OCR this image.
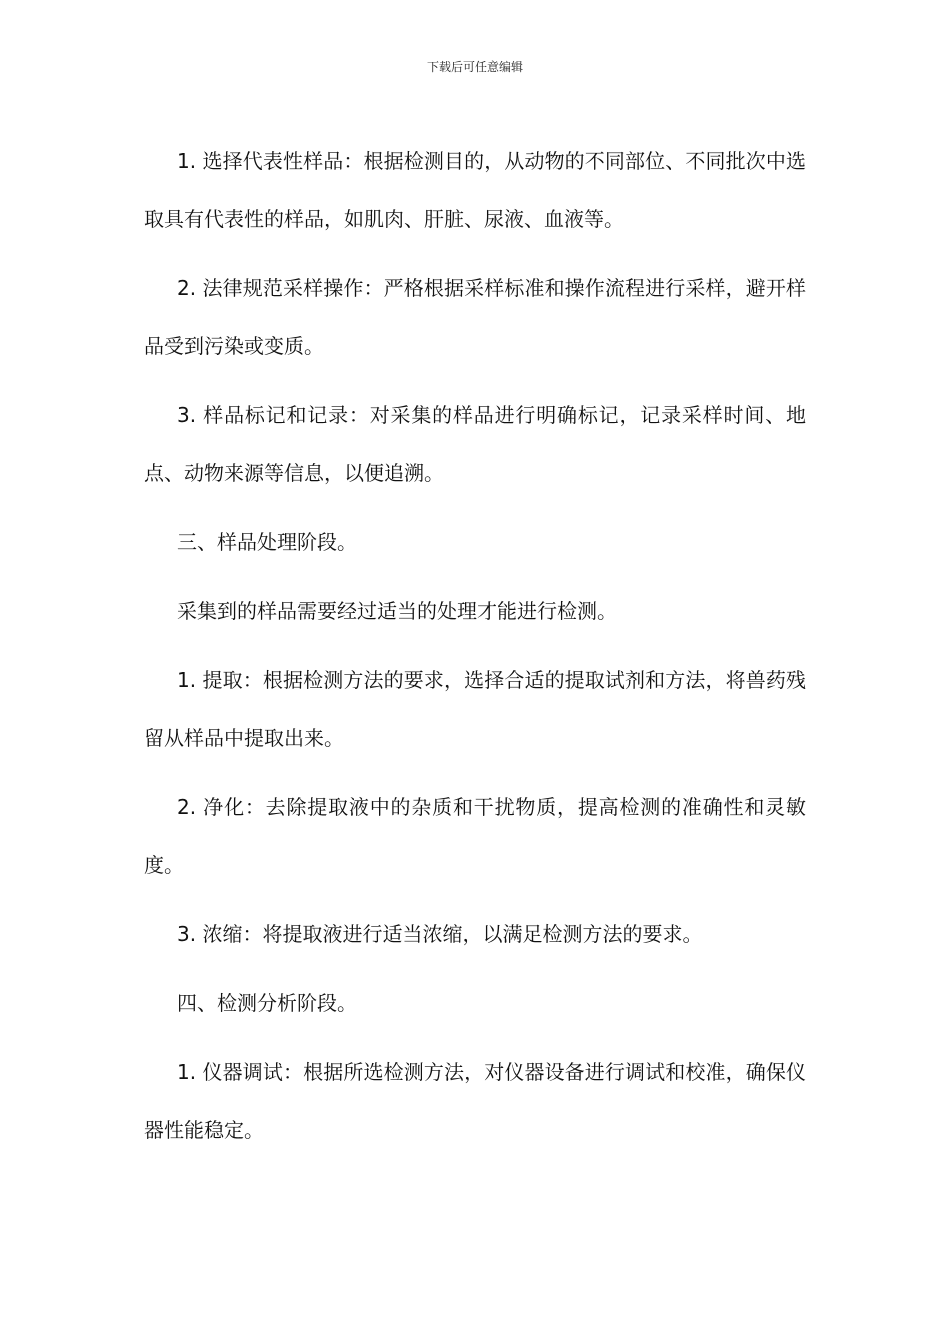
下载后可任意编辑

1. 选择代表性样品：根据检测目的，从动物的不同部位、不同批次中选取具有代表性的样品，如肌肉、肝脏、尿液、血液等。

2. 法律规范采样操作：严格根据采样标准和操作流程进行采样，避开样品受到污染或变质。

3. 样品标记和记录：对采集的样品进行明确标记，记录采样时间、地点、动物来源等信息，以便追溯。

三、样品处理阶段。

采集到的样品需要经过适当的处理才能进行检测。

1. 提取：根据检测方法的要求，选择合适的提取试剂和方法，将兽药残留从样品中提取出来。

2. 净化：去除提取液中的杂质和干扰物质，提高检测的准确性和灵敏度。

3. 浓缩：将提取液进行适当浓缩，以满足检测方法的要求。

四、检测分析阶段。

1. 仪器调试：根据所选检测方法，对仪器设备进行调试和校准，确保仪器性能稳定。
